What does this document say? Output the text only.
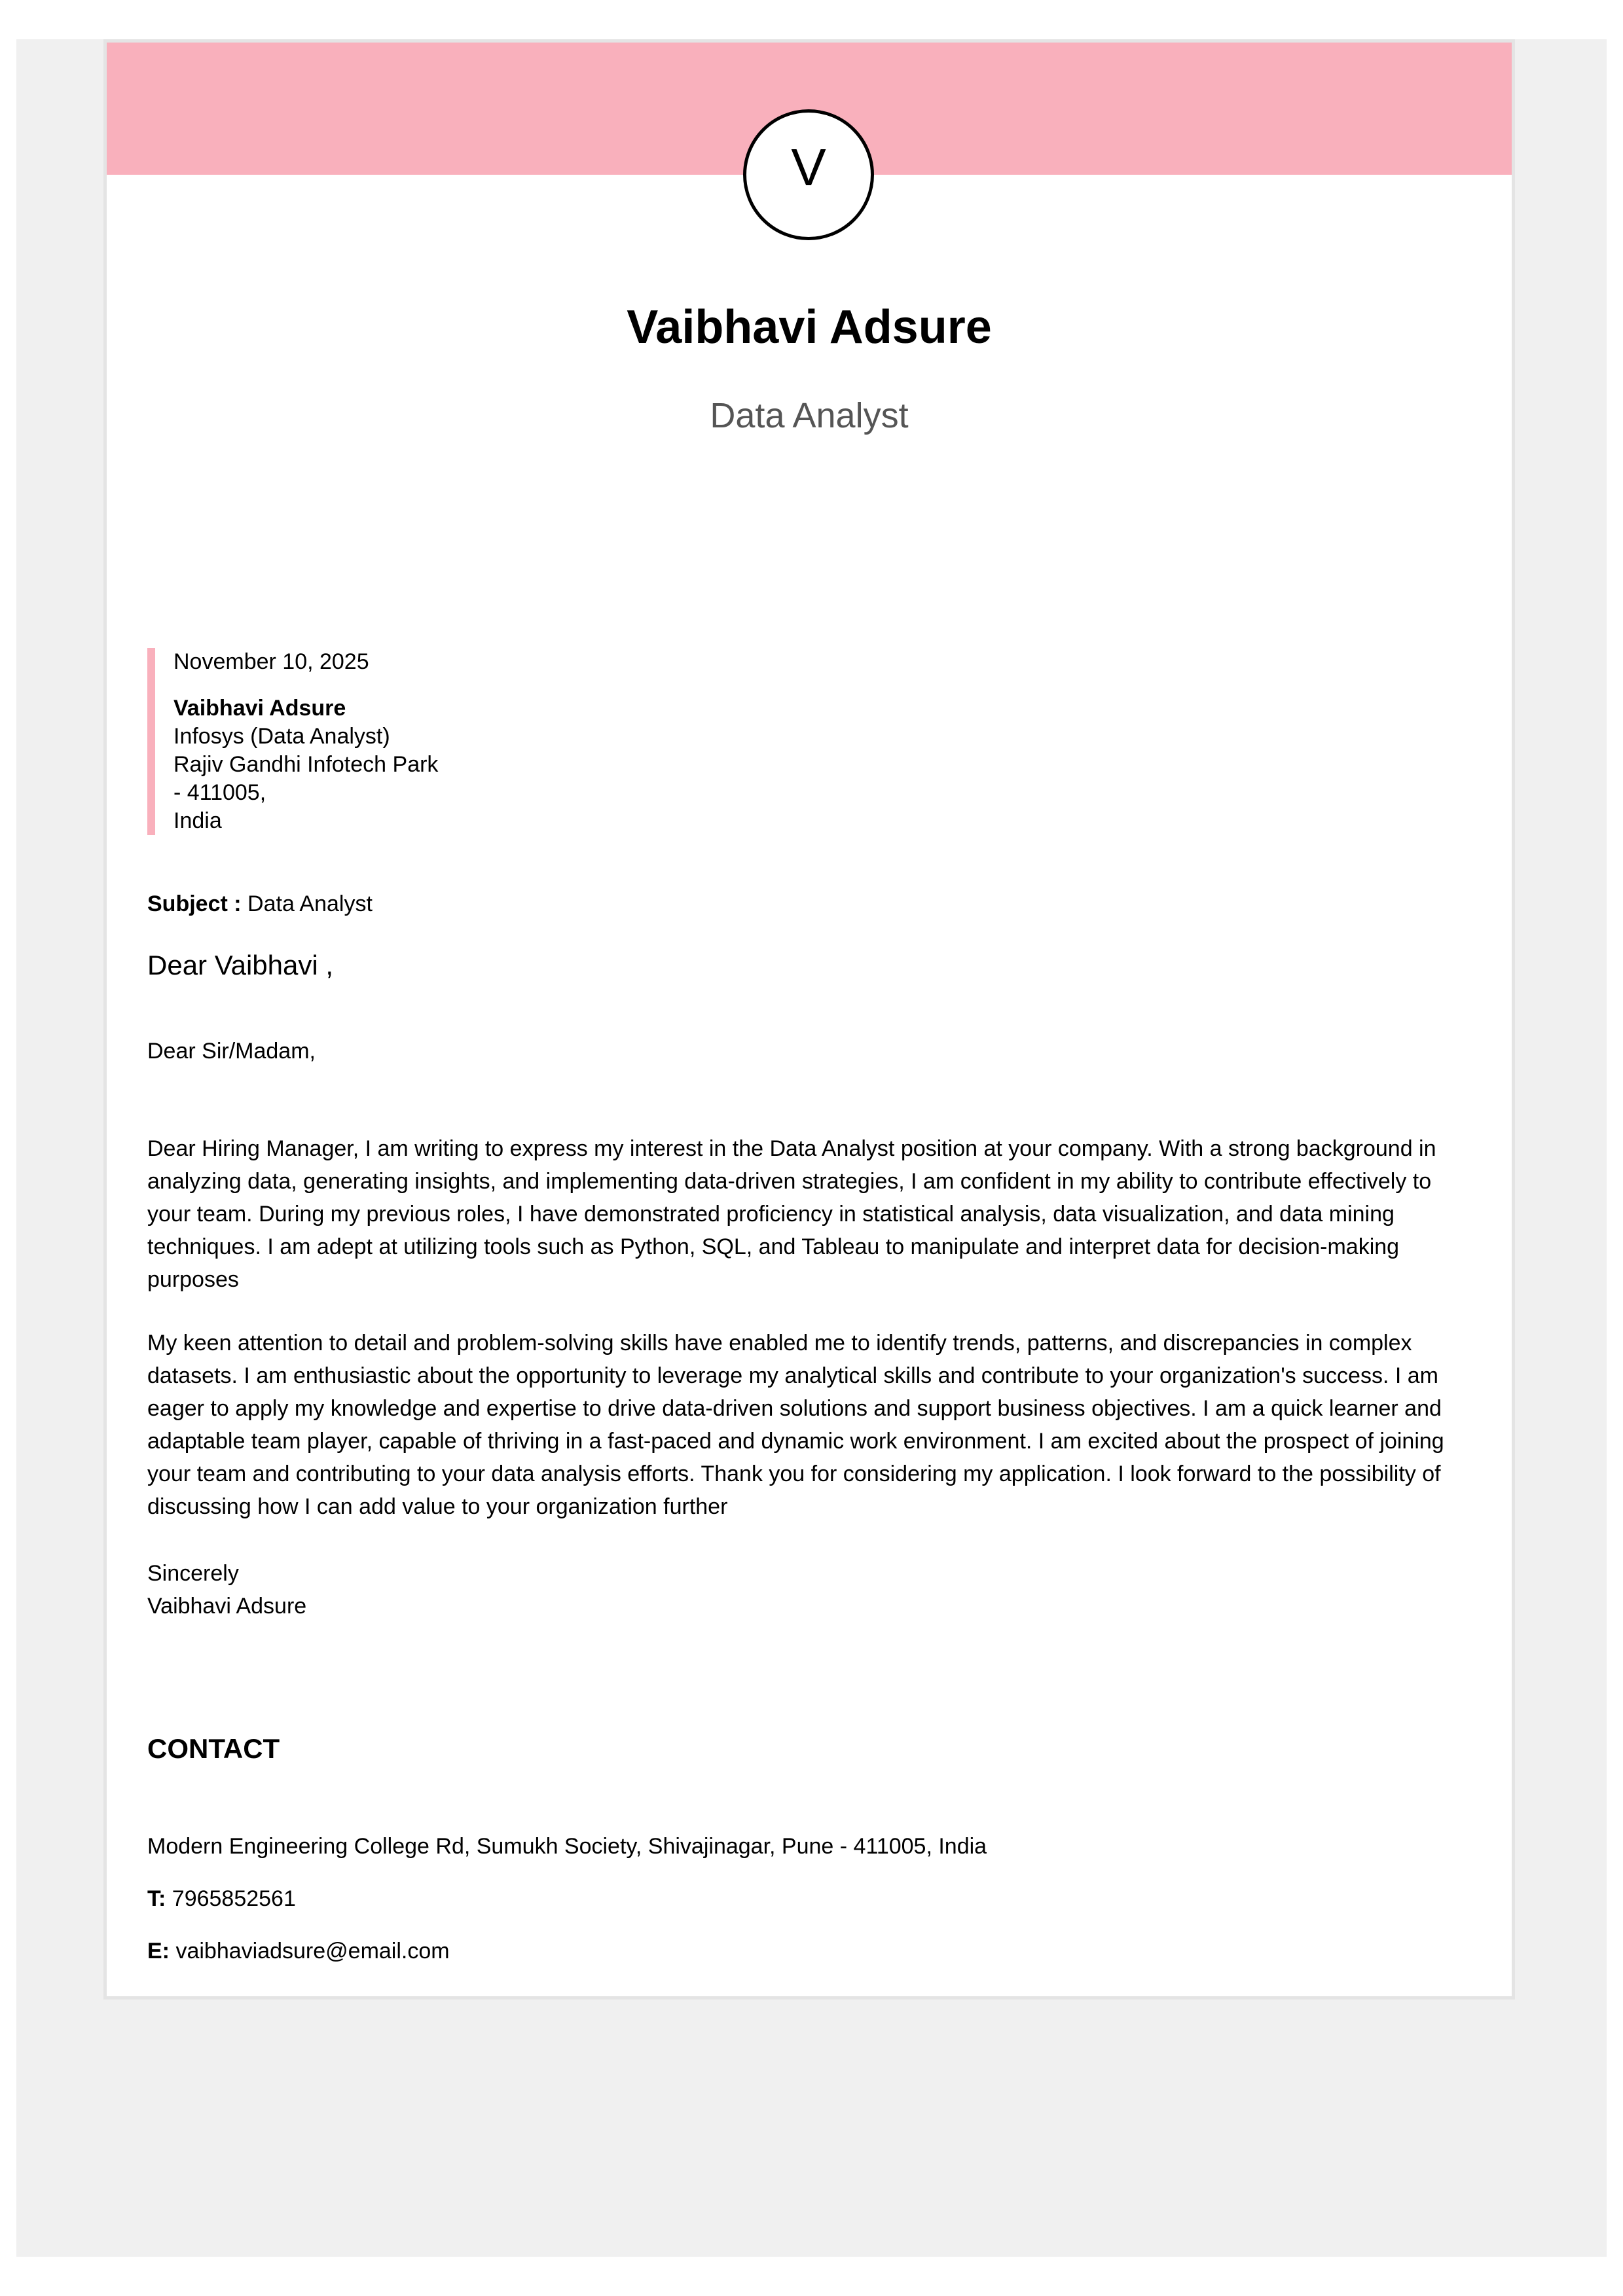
V
Vaibhavi Adsure
Data Analyst
November 10, 2025
Vaibhavi Adsure
Infosys (Data Analyst)
Rajiv Gandhi Infotech Park
- 411005,
India
Subject : Data Analyst
Dear Vaibhavi ,
Dear Sir/Madam,
Dear Hiring Manager, I am writing to express my interest in the Data Analyst position at your company. With a strong background in analyzing data, generating insights, and implementing data-driven strategies, I am confident in my ability to contribute effectively to your team. During my previous roles, I have demonstrated proficiency in statistical analysis, data visualization, and data mining techniques. I am adept at utilizing tools such as Python, SQL, and Tableau to manipulate and interpret data for decision-making purposes
My keen attention to detail and problem-solving skills have enabled me to identify trends, patterns, and discrepancies in complex datasets. I am enthusiastic about the opportunity to leverage my analytical skills and contribute to your organization's success. I am eager to apply my knowledge and expertise to drive data-driven solutions and support business objectives. I am a quick learner and adaptable team player, capable of thriving in a fast-paced and dynamic work environment. I am excited about the prospect of joining your team and contributing to your data analysis efforts. Thank you for considering my application. I look forward to the possibility of discussing how I can add value to your organization further
Sincerely
Vaibhavi Adsure
CONTACT
Modern Engineering College Rd, Sumukh Society, Shivajinagar, Pune - 411005, India
T: 7965852561
E: vaibhaviadsure@email.com
